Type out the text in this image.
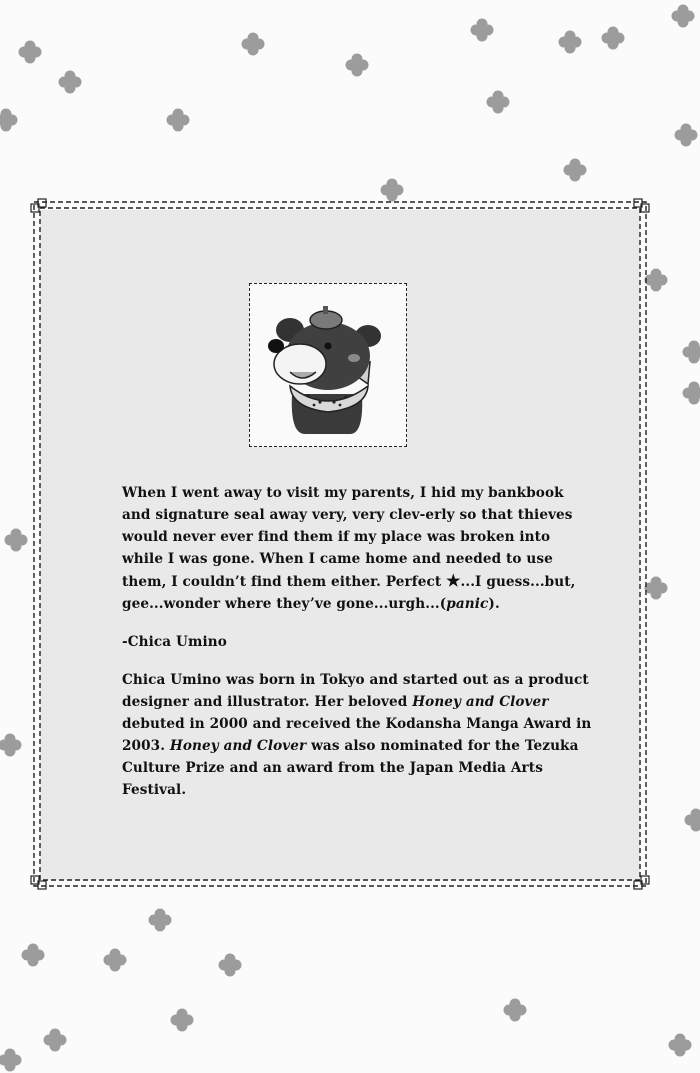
When I went away to visit my parents, I hid my bankbook and signature seal away very, very clev-erly so that thieves would never ever find them if my place was broken into while I was gone. When I came home and needed to use them, I couldn’t find them either. Perfect ★...I guess...but, gee...wonder where they’ve gone...urgh...(panic).

-Chica Umino

Chica Umino was born in Tokyo and started out as a product designer and illustrator. Her beloved Honey and Clover debuted in 2000 and received the Kodansha Manga Award in 2003. Honey and Clover was also nominated for the Tezuka Culture Prize and an award from the Japan Media Arts Festival.
